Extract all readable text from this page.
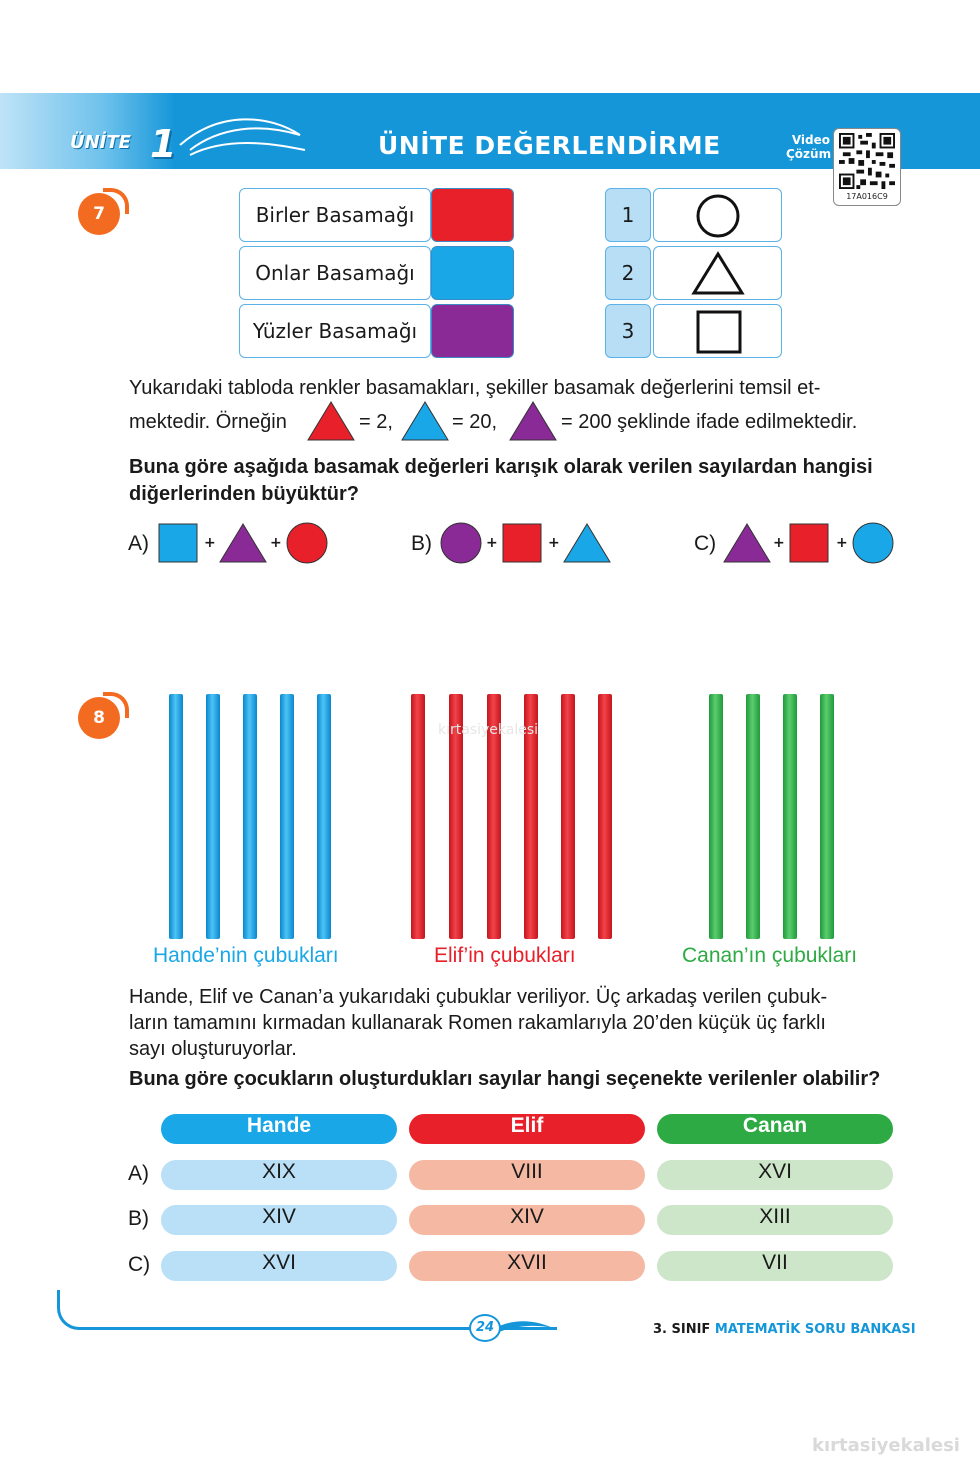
ÜNİTE 1	ÜNİTE DEĞERLENDİRME	Video
Çözüm
17A016C9
7	Birler Basamağı
Onlar Basamağı
Yüzler Basamağı
1
2
3
Yukarıdaki tabloda renkler basamakları, şekiller basamak değerlerini temsil et-
mektedir. Örneğin	= 2,	= 20,	= 200 şeklinde ifade edilmektedir.
Buna göre aşağıda basamak değerleri karışık olarak verilen sayılardan hangisi
diğerlerinden büyüktür?
A)	+	+	B)	+	+	C)	+	+
8
kırtasiyekalesi
Hande’nin çubukları	Elif’in çubukları	Canan’ın çubukları
Hande, Elif ve Canan’a yukarıdaki çubuklar veriliyor. Üç arkadaş verilen çubuk-
ların tamamını kırmadan kullanarak Romen rakamlarıyla 20’den küçük üç farklı
sayı oluşturuyorlar.
Buna göre çocukların oluşturdukları sayılar hangi seçenekte verilenler olabilir?
Hande	Elif	Canan
A)	XIX	VIII	XVI
B)	XIV	XIV	XIII
C)	XVI	XVII	VII
24	3. SINIF MATEMATİK SORU BANKASI
kırtasiyekalesi
